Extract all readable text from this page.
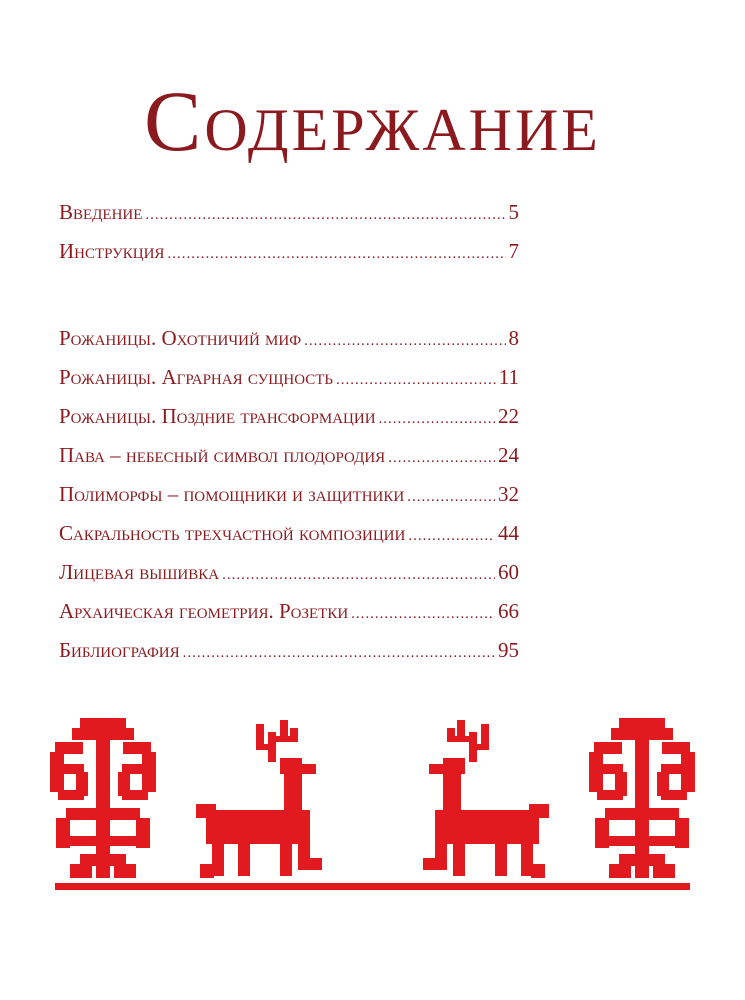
Содержание
Введение .....	5
Инструкция .....	7
Рожаницы. Охотничий миф .....	8
Рожаницы. Аграрная сущность .....	11
Рожаницы. Поздние трансформации .....	22
Пава – небесный символ плодородия .....	24
Полиморфы – помощники и защитники .....	32
Сакральность трехчастной композиции .....	44
Лицевая вышивка .....	60
Архаическая геометрия. Розетки .....	66
Библиография .....	95
